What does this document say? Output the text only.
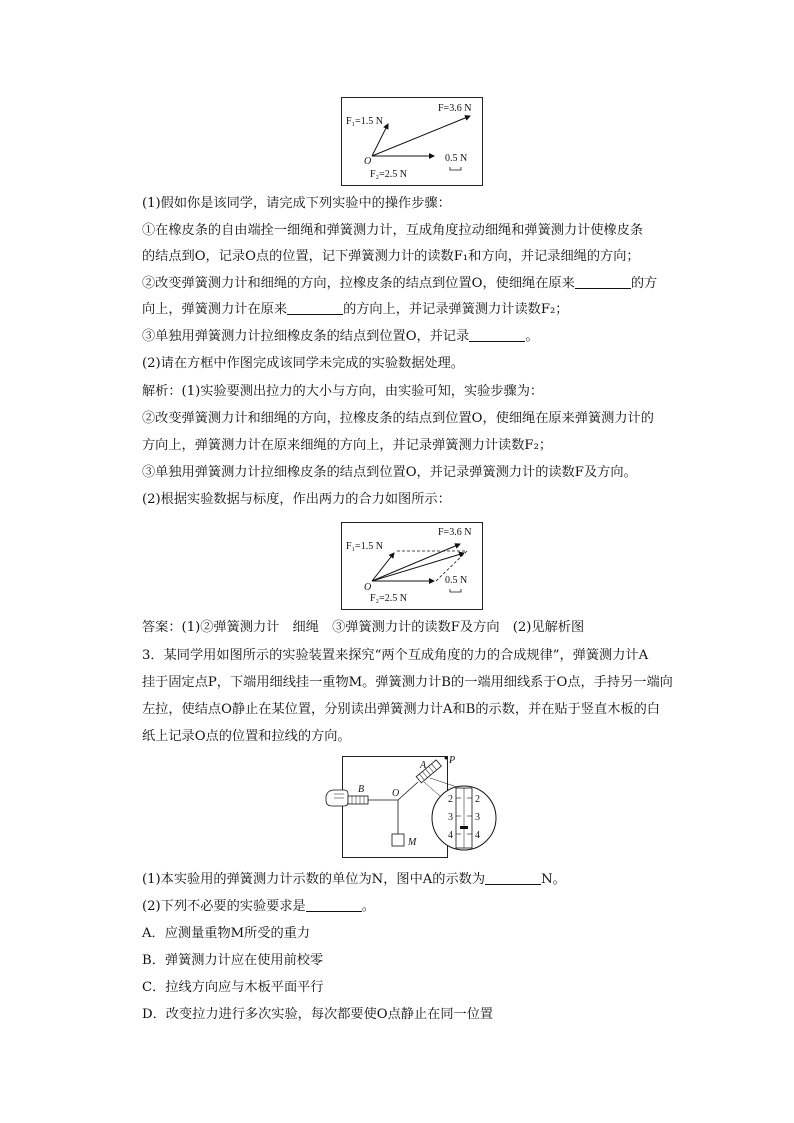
F₁=1.5 N
F=3.6 N
F₂=2.5 N
O	0.5 N
(1)假如你是该同学，请完成下列实验中的操作步骤：
①在橡皮条的自由端拴一细绳和弹簧测力计，互成角度拉动细绳和弹簧测力计使橡皮条
的结点到O，记录O点的位置，记下弹簧测力计的读数F₁和方向，并记录细绳的方向；
②改变弹簧测力计和细绳的方向，拉橡皮条的结点到位置O，使细绳在原来	的方
向上，弹簧测力计在原来	的方向上，并记录弹簧测力计读数F₂；
③单独用弹簧测力计拉细橡皮条的结点到位置O，并记录	。
(2)请在方框中作图完成该同学未完成的实验数据处理。
解析：(1)实验要测出拉力的大小与方向，由实验可知，实验步骤为：
②改变弹簧测力计和细绳的方向，拉橡皮条的结点到位置O，使细绳在原来弹簧测力计的
方向上，弹簧测力计在原来细绳的方向上，并记录弹簧测力计读数F₂；
③单独用弹簧测力计拉细橡皮条的结点到位置O，并记录弹簧测力计的读数F及方向。
(2)根据实验数据与标度，作出两力的合力如图所示：
F₁=1.5 N
F=3.6 N
F₂=2.5 N
O
0.5 N
答案：(1)②弹簧测力计　细绳　③弹簧测力计的读数F及方向　(2)见解析图
3．某同学用如图所示的实验装置来探究“两个互成角度的力的合成规律”，弹簧测力计A
挂于固定点P，下端用细线挂一重物M。弹簧测力计B的一端用细线系于O点，手持另一端向
左拉，使结点O静止在某位置，分别读出弹簧测力计A和B的示数，并在贴于竖直木板的白
纸上记录O点的位置和拉线的方向。
A P
B	O
M
2
3
4
2
3
4
(1)本实验用的弹簧测力计示数的单位为N，图中A的示数为	N。
(2)下列不必要的实验要求是	。
A．应测量重物M所受的重力
B．弹簧测力计应在使用前校零
C．拉线方向应与木板平面平行
D．改变拉力进行多次实验，每次都要使O点静止在同一位置
